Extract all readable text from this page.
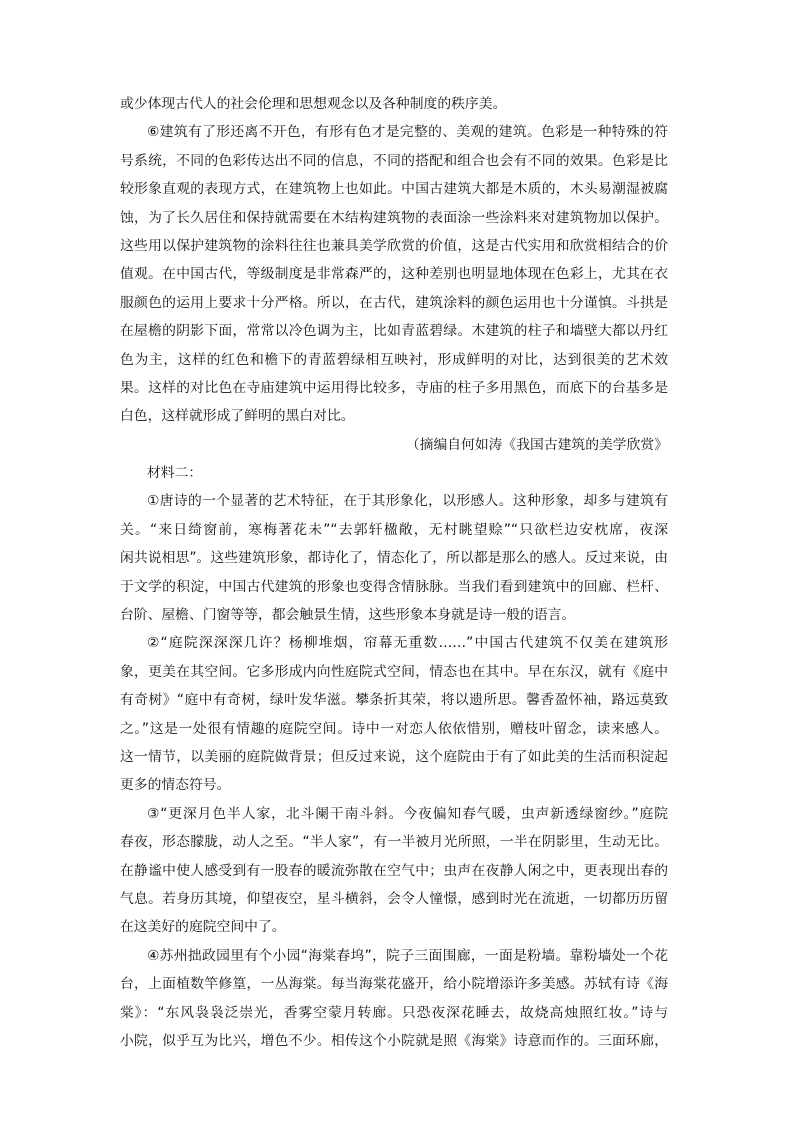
或少体现古代人的社会伦理和思想观念以及各种制度的秩序美。
⑥建筑有了形还离不开色，有形有色才是完整的、美观的建筑。色彩是一种特殊的符
号系统，不同的色彩传达出不同的信息，不同的搭配和组合也会有不同的效果。色彩是比
较形象直观的表现方式，在建筑物上也如此。中国古建筑大都是木质的，木头易潮湿被腐
蚀，为了长久居住和保持就需要在木结构建筑物的表面涂一些涂料来对建筑物加以保护。
这些用以保护建筑物的涂料往往也兼具美学欣赏的价值，这是古代实用和欣赏相结合的价
值观。在中国古代，等级制度是非常森严的，这种差别也明显地体现在色彩上，尤其在衣
服颜色的运用上要求十分严格。所以，在古代，建筑涂料的颜色运用也十分谨慎。斗拱是
在屋檐的阴影下面，常常以冷色调为主，比如青蓝碧绿。木建筑的柱子和墙壁大都以丹红
色为主，这样的红色和檐下的青蓝碧绿相互映衬，形成鲜明的对比，达到很美的艺术效
果。这样的对比色在寺庙建筑中运用得比较多，寺庙的柱子多用黑色，而底下的台基多是
白色，这样就形成了鲜明的黑白对比。
（摘编自何如涛《我国古建筑的美学欣赏》
材料二：
①唐诗的一个显著的艺术特征，在于其形象化，以形感人。这种形象，却多与建筑有
关。“来日绮窗前，寒梅著花未”“去郭轩楹敞，无村眺望赊”“只欲栏边安枕席，夜深
闲共说相思”。这些建筑形象，都诗化了，情态化了，所以都是那么的感人。反过来说，由
于文学的积淀，中国古代建筑的形象也变得含情脉脉。当我们看到建筑中的回廊、栏杆、
台阶、屋檐、门窗等等，都会触景生情，这些形象本身就是诗一般的语言。
②“庭院深深深几许？杨柳堆烟，帘幕无重数……”中国古代建筑不仅美在建筑形
象，更美在其空间。它多形成内向性庭院式空间，情态也在其中。早在东汉，就有《庭中
有奇树》“庭中有奇树，绿叶发华滋。攀条折其荣，将以遗所思。馨香盈怀袖，路远莫致
之。”这是一处很有情趣的庭院空间。诗中一对恋人依依惜别，赠枝叶留念，读来感人。
这一情节，以美丽的庭院做背景；但反过来说，这个庭院由于有了如此美的生活而积淀起
更多的情态符号。
③“更深月色半人家，北斗阑干南斗斜。今夜偏知春气暖，虫声新透绿窗纱。”庭院
春夜，形态朦胧，动人之至。“半人家”，有一半被月光所照，一半在阴影里，生动无比。
在静谧中使人感受到有一股春的暖流弥散在空气中；虫声在夜静人闲之中，更表现出春的
气息。若身历其境，仰望夜空，星斗横斜，会令人憧憬，感到时光在流逝，一切都历历留
在这美好的庭院空间中了。
④苏州拙政园里有个小园“海棠春坞”，院子三面围廊，一面是粉墙。靠粉墙处一个花
台，上面植数竿修篁，一丛海棠。每当海棠花盛开，给小院增添许多美感。苏轼有诗《海
棠》：“东风袅袅泛崇光，香雾空蒙月转廊。只恐夜深花睡去，故烧高烛照红妆。”诗与
小院，似乎互为比兴，增色不少。相传这个小院就是照《海棠》诗意而作的。三面环廊，
